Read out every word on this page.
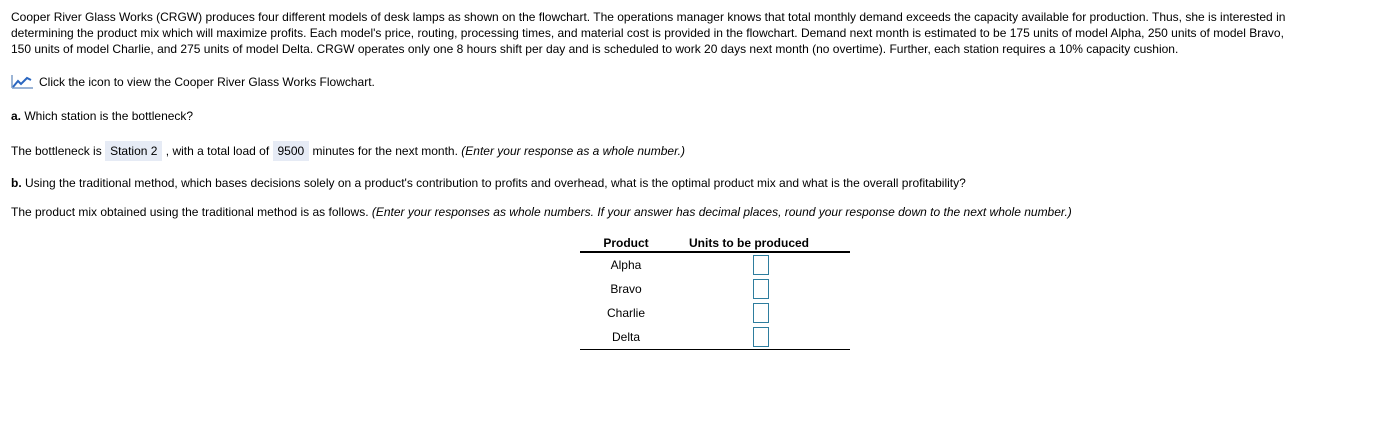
Cooper River Glass Works (CRGW) produces four different models of desk lamps as shown on the flowchart. The operations manager knows that total monthly demand exceeds the capacity available for production. Thus, she is interested in
determining the product mix which will maximize profits. Each model's price, routing, processing times, and material cost is provided in the flowchart. Demand next month is estimated to be 175 units of model Alpha, 250 units of model Bravo,
150 units of model Charlie, and 275 units of model Delta. CRGW operates only one 8 hours shift per day and is scheduled to work 20 days next month (no overtime). Further, each station requires a 10% capacity cushion.
Click the icon to view the Cooper River Glass Works Flowchart.
a. Which station is the bottleneck?
The bottleneck is Station 2 , with a total load of 9500 minutes for the next month. (Enter your response as a whole number.)
b. Using the traditional method, which bases decisions solely on a product's contribution to profits and overhead, what is the optimal product mix and what is the overall profitability?
The product mix obtained using the traditional method is as follows. (Enter your responses as whole numbers. If your answer has decimal places, round your response down to the next whole number.)
Product	Units to be produced
Alpha	
Bravo	
Charlie	
Delta	
